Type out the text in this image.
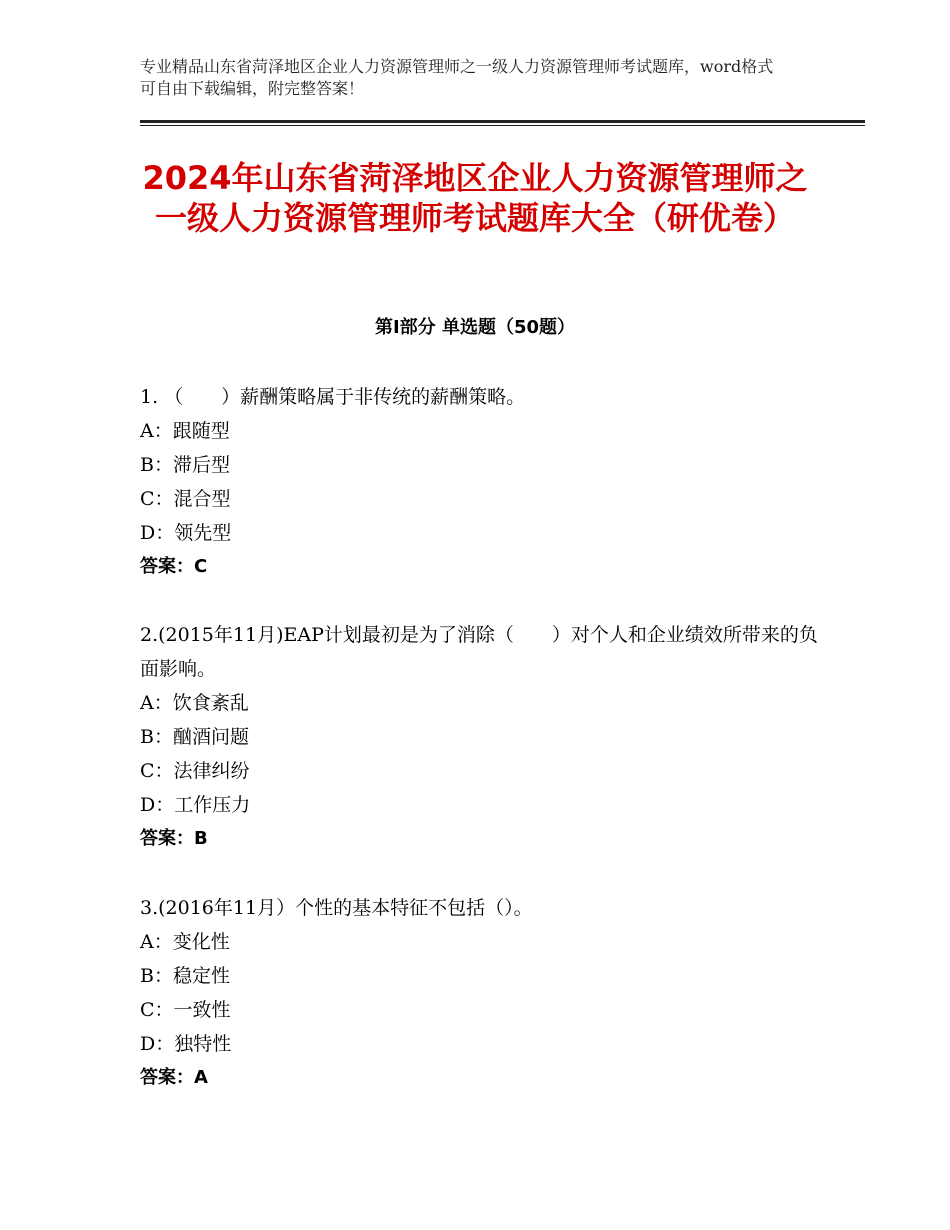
专业精品山东省菏泽地区企业人力资源管理师之一级人力资源管理师考试题库，word格式可自由下载编辑，附完整答案！
2024年山东省菏泽地区企业人力资源管理师之一级人力资源管理师考试题库大全（研优卷）
第Ⅰ部分 单选题（50题）

1. （　　）薪酬策略属于非传统的薪酬策略。

A：跟随型

B：滞后型

C：混合型

D：领先型

答案：C

2.(2015年11月)EAP计划最初是为了消除（　　）对个人和企业绩效所带来的负面影响。

A：饮食紊乱

B：酗酒问题

C：法律纠纷

D：工作压力

答案：B

3.(2016年11月）个性的基本特征不包括（）。

A：变化性

B：稳定性

C：一致性

D：独特性

答案：A
